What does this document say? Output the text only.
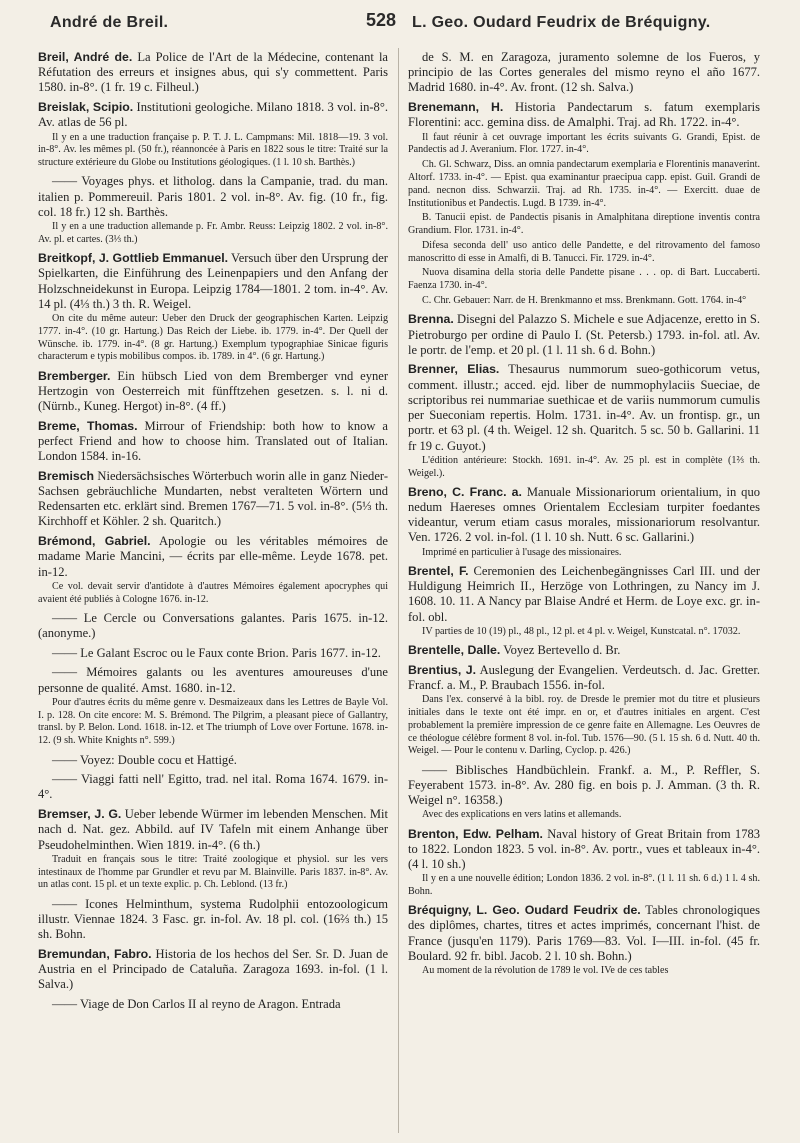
André de Breil.	528 L. Geo. Oudard Feudrix de Bréquigny.
Breil, André de. La Police de l'Art de la Médecine, contenant la Réfutation des erreurs et insignes abus, qui s'y commettent. Paris 1580. in-8°. (1 fr. 19 c. Filheul.)
Breislak, Scipio. Institutioni geologiche. Milano 1818. 3 vol. in-8°. Av. atlas de 56 pl.
Il y en a une traduction française p. P. T. J. L. Campmans: Mil. 1818—19. 3 vol. in-8°. Av. les mêmes pl. (50 fr.), réannoncée à Paris en 1822 sous le titre: Traité sur la structure extérieure du Globe ou Institutions géologiques. (1 l. 10 sh. Barthès.)
—— Voyages phys. et litholog. dans la Campanie, trad. du man. italien p. Pommereuil. Paris 1801. 2 vol. in-8°. Av. fig. (10 fr., fig. col. 18 fr.) 12 sh. Barthès.
Il y en a une traduction allemande p. Fr. Ambr. Reuss: Leipzig 1802. 2 vol. in-8°. Av. pl. et cartes. (3⅓ th.)
Breitkopf, J. Gottlieb Emmanuel. Versuch über den Ursprung der Spielkarten, die Einführung des Leinenpapiers und den Anfang der Holzschneidekunst in Europa. Leipzig 1784—1801. 2 tom. in-4°. Av. 14 pl. (4⅓ th.) 3 th. R. Weigel.
On cite du même auteur: Ueber den Druck der geographischen Karten. Leipzig 1777. in-4°. (10 gr. Hartung.) Das Reich der Liebe. ib. 1779. in-4°. Der Quell der Wünsche. ib. 1779. in-4°. (8 gr. Hartung.) Exemplum typographiae Sinicae figuris characterum e typis mobilibus compos. ib. 1789. in 4°. (6 gr. Hartung.)
Bremberger. Ein hübsch Lied von dem Bremberger vnd eyner Hertzogin von Oesterreich mit fünfftzehen gesetzen. s. l. ni d. (Nürnb., Kuneg. Hergot) in-8°. (4 ff.)
Breme, Thomas. Mirrour of Friendship: both how to know a perfect Friend and how to choose him. Translated out of Italian. London 1584. in-16.
Bremisch Niedersächsisches Wörterbuch worin alle in ganz Nieder-Sachsen gebräuchliche Mundarten, nebst veralteten Wörtern und Redensarten etc. erklärt sind. Bremen 1767—71. 5 vol. in-8°. (5⅓ th. Kirchhoff et Köhler. 2 sh. Quaritch.)
Brémond, Gabriel. Apologie ou les véritables mémoires de madame Marie Mancini, — écrits par elle-même. Leyde 1678. pet. in-12.
Ce vol. devait servir d'antidote à d'autres Mémoires également apocryphes qui avaient été publiés à Cologne 1676. in-12.
—— Le Cercle ou Conversations galantes. Paris 1675. in-12. (anonyme.)
—— Le Galant Escroc ou le Faux conte Brion. Paris 1677. in-12.
—— Mémoires galants ou les aventures amoureuses d'une personne de qualité. Amst. 1680. in-12.
Pour d'autres écrits du même genre v. Desmaizeaux dans les Lettres de Bayle Vol. I. p. 128. On cite encore: M. S. Brémond. The Pilgrim, a pleasant piece of Gallantry, transl. by P. Belon. Lond. 1618. in-12. et The triumph of Love over Fortune. 1678. in-12. (9 sh. White Knights n°. 599.)
—— Voyez: Double cocu et Hattigé.
—— Viaggi fatti nell' Egitto, trad. nel ital. Roma 1674. 1679. in-4°.
Bremser, J. G. Ueber lebende Würmer im lebenden Menschen. Mit nach d. Nat. gez. Abbild. auf IV Tafeln mit einem Anhange über Pseudohelminthen. Wien 1819. in-4°. (6 th.)
Traduit en français sous le titre: Traité zoologique et physiol. sur les vers intestinaux de l'homme par Grundler et revu par M. Blainville. Paris 1837. in-8°. Av. un atlas cont. 15 pl. et un texte explic. p. Ch. Leblond. (13 fr.)
—— Icones Helminthum, systema Rudolphii entozoologicum illustr. Viennae 1824. 3 Fasc. gr. in-fol. Av. 18 pl. col. (16⅔ th.) 15 sh. Bohn.
Bremundan, Fabro. Historia de los hechos del Ser. Sr. D. Juan de Austria en el Principado de Cataluña. Zaragoza 1693. in-fol. (1 l. Salva.)
—— Viage de Don Carlos II al reyno de Aragon. Entrada
de S. M. en Zaragoza, juramento solemne de los Fueros, y principio de las Cortes generales del mismo reyno el año 1677. Madrid 1680. in-4°. Av. front. (12 sh. Salva.)
Brenemann, H. Historia Pandectarum s. fatum exemplaris Florentini: acc. gemina diss. de Amalphi. Traj. ad Rh. 1722. in-4°.
Il faut réunir à cet ouvrage important les écrits suivants G. Grandi, Epist. de Pandectis ad J. Averanium. Flor. 1727. in-4°.
Ch. Gl. Schwarz, Diss. an omnia pandectarum exemplaria e Florentinis manaverint. Altorf. 1733. in-4°. — Epist. qua examinantur praecipua capp. epist. Guil. Grandi de pand. necnon diss. Schwarzii. Traj. ad Rh. 1735. in-4°. — Exercitt. duae de Institutionibus et Pandectis. Lugd. B 1739. in-4°.
B. Tanucii epist. de Pandectis pisanis in Amalphitana direptione inventis contra Grandium. Flor. 1731. in-4°.
Difesa seconda dell' uso antico delle Pandette, e del ritrovamento del famoso manoscritto di esse in Amalfi, di B. Tanucci. Fir. 1729. in-4°.
Nuova disamina della storia delle Pandette pisane . . . op. di Bart. Luccaberti. Faenza 1730. in-4°.
C. Chr. Gebauer: Narr. de H. Brenkmanno et mss. Brenkmann. Gott. 1764. in-4°
Brenna. Disegni del Palazzo S. Michele e sue Adjacenze, eretto in S. Pietroburgo per ordine di Paulo I. (St. Petersb.) 1793. in-fol. atl. Av. le portr. de l'emp. et 20 pl. (1 l. 11 sh. 6 d. Bohn.)
Brenner, Elias. Thesaurus nummorum sueo-gothicorum vetus, comment. illustr.; acced. ejd. liber de nummophylaciis Sueciae, de scriptoribus rei nummariae suethicae et de variis nummorum cumulis per Sueconiam repertis. Holm. 1731. in-4°. Av. un frontisp. gr., un portr. et 63 pl. (4 th. Weigel. 12 sh. Quaritch. 5 sc. 50 b. Gallarini. 11 fr 19 c. Guyot.)
L'édition antérieure: Stockh. 1691. in-4°. Av. 25 pl. est in complète (1⅔ th. Weigel.).
Breno, C. Franc. a. Manuale Missionariorum orientalium, in quo nedum Haereses omnes Orientalem Ecclesiam turpiter foedantes videantur, verum etiam casus morales, missionariorum resolvantur. Ven. 1726. 2 vol. in-fol. (1 l. 10 sh. Nutt. 6 sc. Gallarini.)
Imprimé en particulier à l'usage des missionaires.
Brentel, F. Ceremonien des Leichenbegängnisses Carl III. und der Huldigung Heimrich II., Herzöge von Lothringen, zu Nancy im J. 1608. 10. 11. A Nancy par Blaise André et Herm. de Loye exc. gr. in-fol. obl.
IV parties de 10 (19) pl., 48 pl., 12 pl. et 4 pl. v. Weigel, Kunstcatal. n°. 17032.
Brentelle, Dalle. Voyez Bertevello d. Br.
Brentius, J. Auslegung der Evangelien. Verdeutsch. d. Jac. Gretter. Francf. a. M., P. Braubach 1556. in-fol.
Dans l'ex. conservé à la bibl. roy. de Dresde le premier mot du titre et plusieurs initiales dans le texte ont été impr. en or, et d'autres initiales en argent. C'est probablement la première impression de ce genre faite en Allemagne. Les Oeuvres de ce théologue célèbre forment 8 vol. in-fol. Tub. 1576—90. (5 l. 15 sh. 6 d. Nutt. 40 th. Weigel. — Pour le contenu v. Darling, Cyclop. p. 426.)
—— Biblisches Handbüchlein. Frankf. a. M., P. Reffler, S. Feyerabent 1573. in-8°. Av. 280 fig. en bois p. J. Amman. (3 th. R. Weigel n°. 16358.)
Avec des explications en vers latins et allemands.
Brenton, Edw. Pelham. Naval history of Great Britain from 1783 to 1822. London 1823. 5 vol. in-8°. Av. portr., vues et tableaux in-4°. (4 l. 10 sh.)
Il y en a une nouvelle édition; London 1836. 2 vol. in-8°. (1 l. 11 sh. 6 d.) 1 l. 4 sh. Bohn.
Bréquigny, L. Geo. Oudard Feudrix de. Tables chronologiques des diplômes, chartes, titres et actes imprimés, concernant l'hist. de France (jusqu'en 1179). Paris 1769—83. Vol. I—III. in-fol. (45 fr. Boulard. 92 fr. bibl. Jacob. 2 l. 10 sh. Bohn.)
Au moment de la révolution de 1789 le vol. IVe de ces tables
